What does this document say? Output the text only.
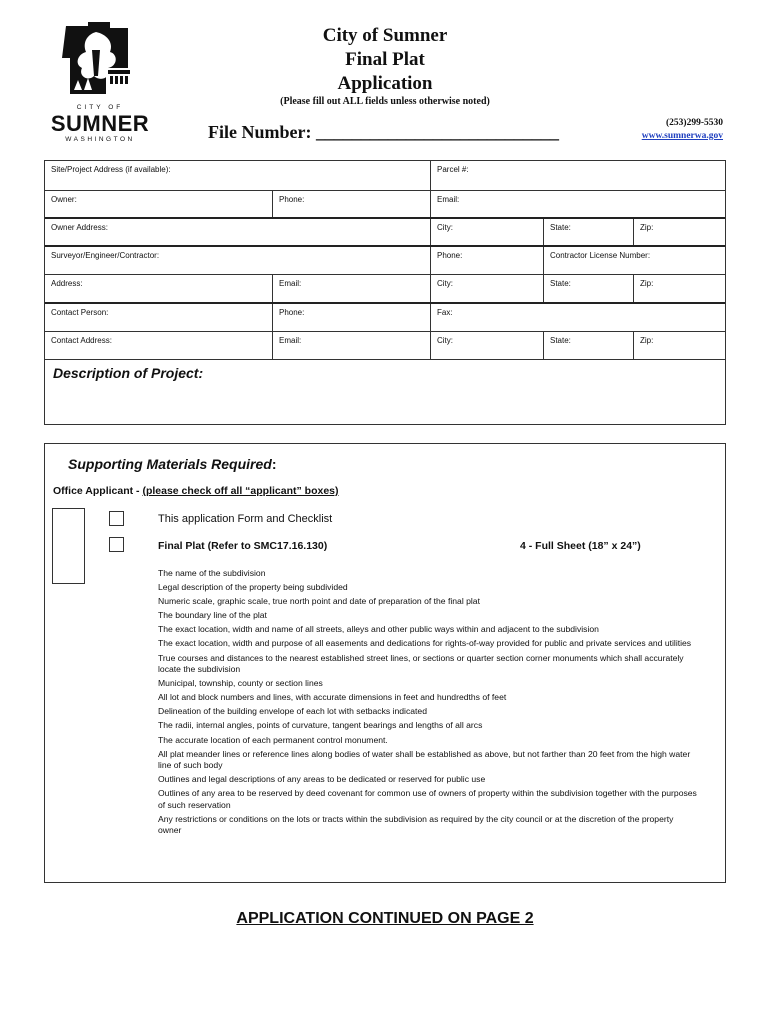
CITY OF
SUMNER
WASHINGTON
City of Sumner
Final Plat
Application
(Please fill out ALL fields unless otherwise noted)
File Number: ___________________________	(253)299-5530
www.sumnerwa.gov
Site/Project Address (if available):	Parcel #:
Owner:	Phone:	Email:
Owner Address:	City:	State:	Zip:
Surveyor/Engineer/Contractor:	Phone:	Contractor License Number:
Address:	Email:	City:	State:	Zip:
Contact Person:	Phone:	Fax:
Contact Address:	Email:	City:	State:	Zip:
Description of Project:
Supporting Materials Required:
Office Applicant - (please check off all “applicant” boxes)
This application Form and Checklist
Final Plat (Refer to SMC17.16.130)	4 - Full Sheet (18” x 24”)
The name of the subdivision
Legal description of the property being subdivided
Numeric scale, graphic scale, true north point and date of preparation of the final plat
The boundary line of the plat
The exact location, width and name of all streets, alleys and other public ways within and adjacent to the subdivision
The exact location, width and purpose of all easements and dedications for rights-of-way provided for public and private services and utilities
True courses and distances to the nearest established street lines, or sections or quarter section corner monuments which shall accurately locate the subdivision
Municipal, township, county or section lines
All lot and block numbers and lines, with accurate dimensions in feet and hundredths of feet
Delineation of the building envelope of each lot with setbacks indicated
The radii, internal angles, points of curvature, tangent bearings and lengths of all arcs
The accurate location of each permanent control monument.
All plat meander lines or reference lines along bodies of water shall be established as above, but not farther than 20 feet from the high water line of such body
Outlines and legal descriptions of any areas to be dedicated or reserved for public use
Outlines of any area to be reserved by deed covenant for common use of owners of property within the subdivision together with the purposes of such reservation
Any restrictions or conditions on the lots or tracts within the subdivision as required by the city council or at the discretion of the property owner
APPLICATION CONTINUED ON PAGE 2
